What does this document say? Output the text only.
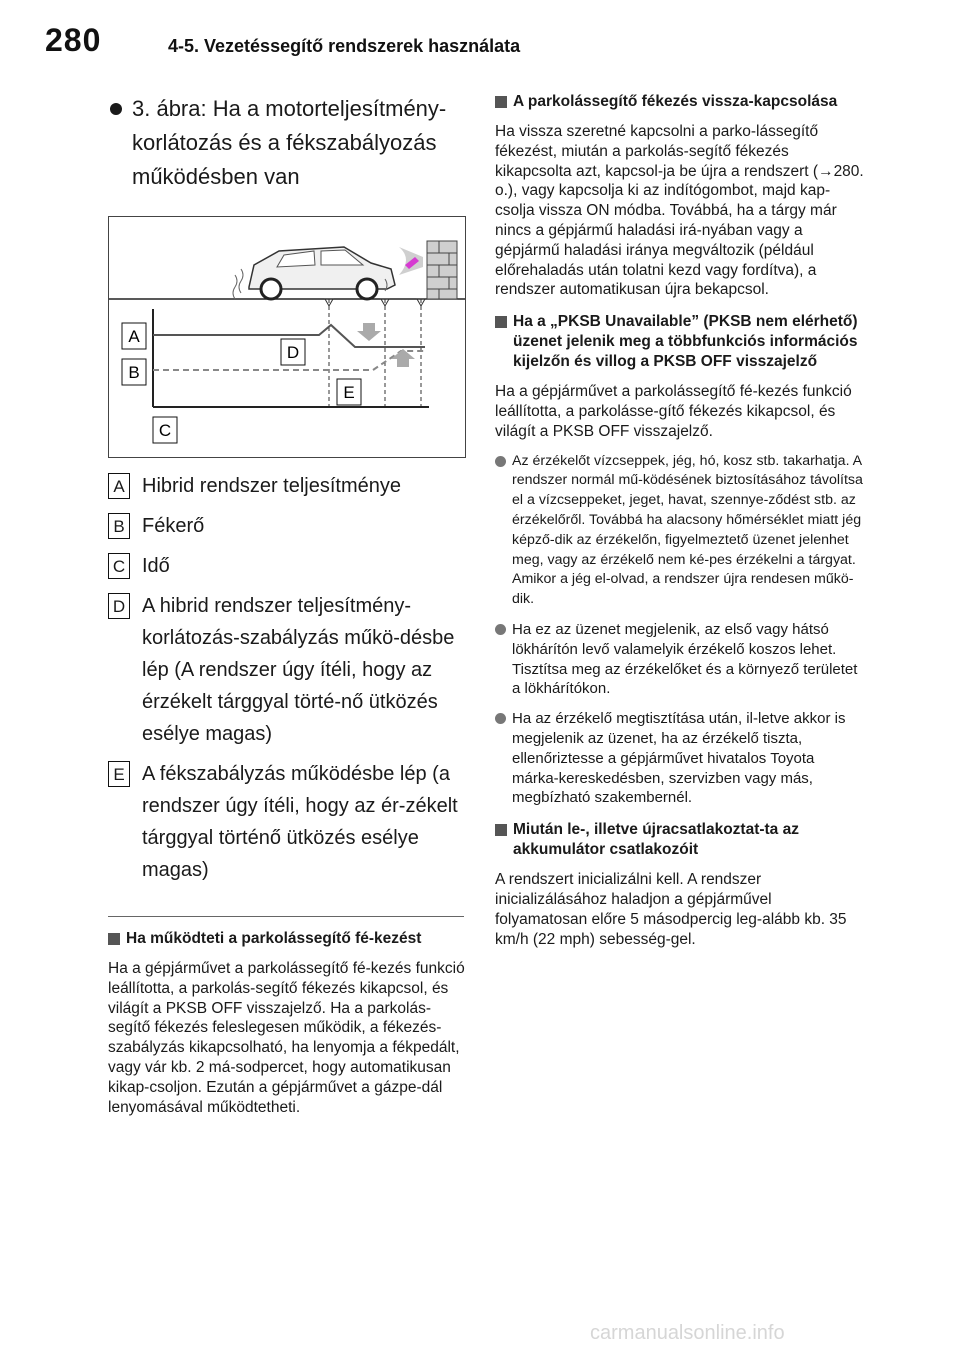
280	4-5. Vezetéssegítő rendszerek használata
3. ábra: Ha a motorteljesítmény-korlátozás és a fékszabályozás működésben van
A
B
C
D
E
A Hibrid rendszer teljesítménye
B Fékerő
C Idő
D A hibrid rendszer teljesítmény-korlátozás-szabályzás műkö-désbe lép (A rendszer úgy ítéli, hogy az érzékelt tárggyal törté-nő ütközés esélye magas)
E A fékszabályzás működésbe lép (a rendszer úgy ítéli, hogy az ér-zékelt tárggyal történő ütközés esélye magas)
Ha működteti a parkolássegítő fé-kezést
Ha a gépjárművet a parkolássegítő fé-kezés funkció leállította, a parkolás-segítő fékezés kikapcsol, és világít a PKSB OFF visszajelző. Ha a parkolás-segítő fékezés feleslegesen működik, a fékezés-szabályzás kikapcsolható, ha lenyomja a fékpedált, vagy vár kb. 2 má-sodpercet, hogy automatikusan kikap-csoljon. Ezután a gépjárművet a gázpe-dál lenyomásával működtetheti.
A parkolássegítő fékezés vissza-kapcsolása
Ha vissza szeretné kapcsolni a parko-lássegítő fékezést, miután a parkolás-segítő fékezés kikapcsolta azt, kapcsol-ja be újra a rendszert (→280. o.), vagy kapcsolja ki az indítógombot, majd kap-csolja vissza ON módba. Továbbá, ha a tárgy már nincs a gépjármű haladási irá-nyában vagy a gépjármű haladási iránya megváltozik (például előrehaladás után tolatni kezd vagy fordítva), a rendszer automatikusan újra bekapcsol.
Ha a „PKSB Unavailable” (PKSB nem elérhető) üzenet jelenik meg a többfunkciós információs kijelzőn és villog a PKSB OFF visszajelző
Ha a gépjárművet a parkolássegítő fé-kezés funkció leállította, a parkolásse-gítő fékezés kikapcsol, és világít a PKSB OFF visszajelző.
Az érzékelőt vízcseppek, jég, hó, kosz stb. takarhatja. A rendszer normál mű-ködésének biztosításához távolítsa el a vízcseppeket, jeget, havat, szennye-ződést stb. az érzékelőről. Továbbá ha alacsony hőmérséklet miatt jég képző-dik az érzékelőn, figyelmeztető üzenet jelenhet meg, vagy az érzékelő nem ké-pes érzékelni a tárgyat. Amikor a jég el-olvad, a rendszer újra rendesen műkö-dik.
Ha ez az üzenet megjelenik, az első vagy hátsó lökhárítón levő valamelyik érzékelő koszos lehet. Tisztítsa meg az érzékelőket és a környező területet a lökhárítókon.
Ha az érzékelő megtisztítása után, il-letve akkor is megjelenik az üzenet, ha az érzékelő tiszta, ellenőriztesse a gépjárművet hivatalos Toyota márka-kereskedésben, szervizben vagy más, megbízható szakembernél.
Miután le-, illetve újracsatlakoztat-ta az akkumulátor csatlakozóit
A rendszert inicializálni kell. A rendszer inicializálásához haladjon a gépjárművel folyamatosan előre 5 másodpercig leg-alább kb. 35 km/h (22 mph) sebesség-gel.
carmanualsonline.info
